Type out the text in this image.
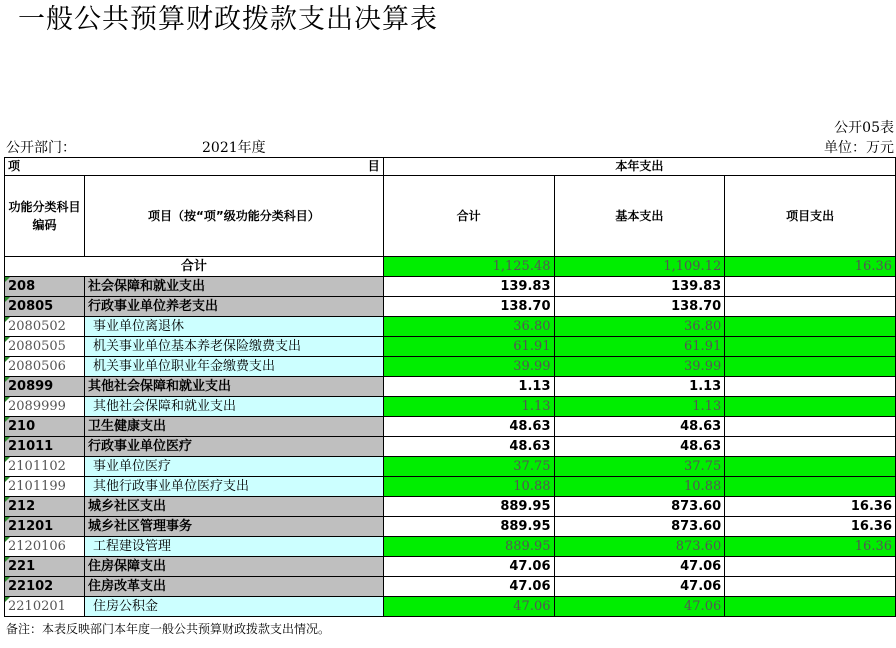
一般公共预算财政拨款支出决算表
公开05表
公开部门：	2021年度	单位：万元
项 目		本年支出		
功能分类科目编码	项目（按“项”级功能分类科目）	合计	基本支出	项目支出
合计		1,125.48	1,109.12	16.36
208	社会保障和就业支出	139.83	139.83	
20805	行政事业单位养老支出	138.70	138.70	
2080502	事业单位离退休	36.80	36.80	
2080505	机关事业单位基本养老保险缴费支出	61.91	61.91	
2080506	机关事业单位职业年金缴费支出	39.99	39.99	
20899	其他社会保障和就业支出	1.13	1.13	
2089999	其他社会保障和就业支出	1.13	1.13	
210	卫生健康支出	48.63	48.63	
21011	行政事业单位医疗	48.63	48.63	
2101102	事业单位医疗	37.75	37.75	
2101199	其他行政事业单位医疗支出	10.88	10.88	
212	城乡社区支出	889.95	873.60	16.36
21201	城乡社区管理事务	889.95	873.60	16.36
2120106	工程建设管理	889.95	873.60	16.36
221	住房保障支出	47.06	47.06	
22102	住房改革支出	47.06	47.06	
2210201	住房公积金	47.06	47.06	
备注：本表反映部门本年度一般公共预算财政拨款支出情况。
